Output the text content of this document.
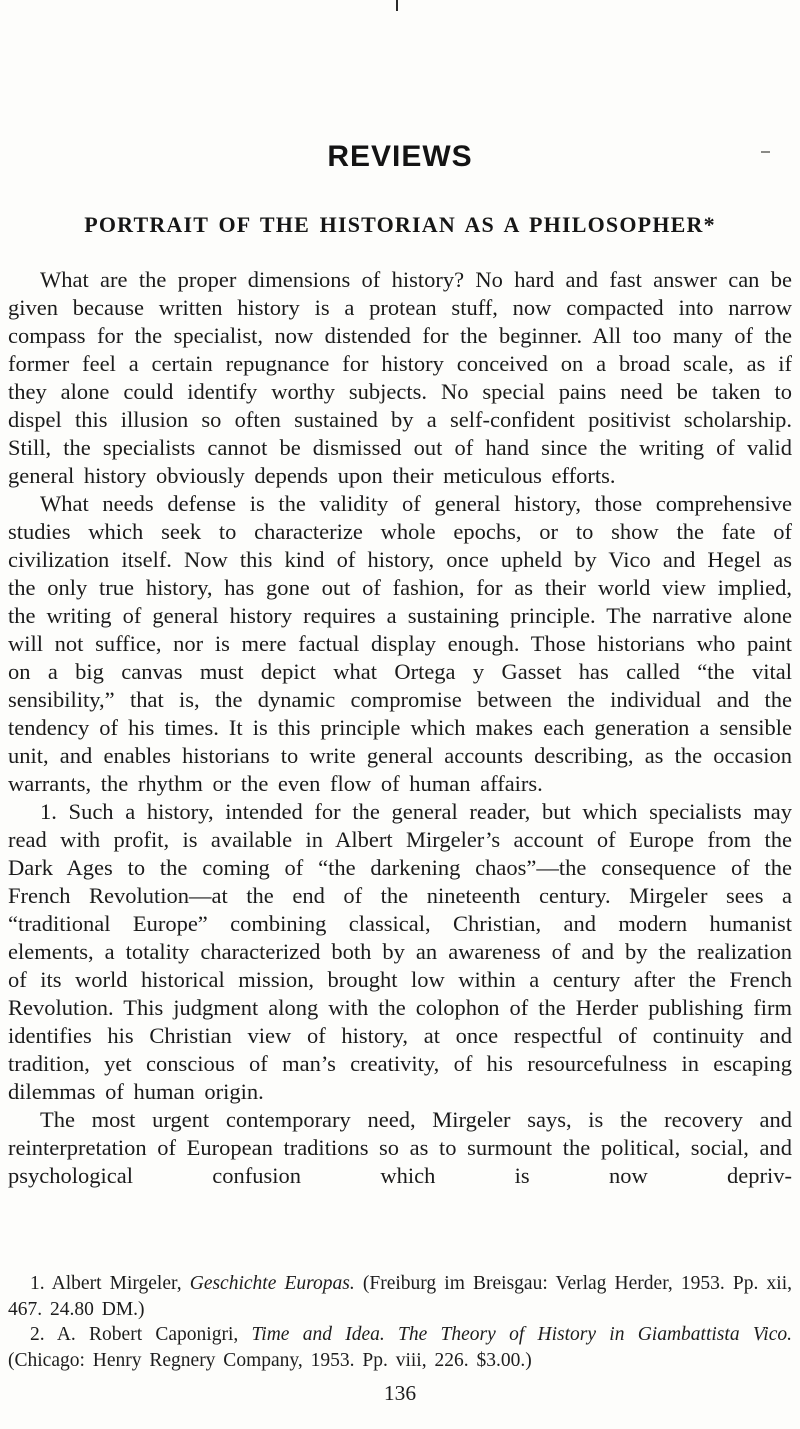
REVIEWS
PORTRAIT OF THE HISTORIAN AS A PHILOSOPHER*

What are the proper dimensions of history? No hard and fast answer can be given because written history is a protean stuff, now compacted into narrow compass for the specialist, now distended for the beginner. All too many of the former feel a certain repugnance for history conceived on a broad scale, as if they alone could identify worthy subjects. No special pains need be taken to dispel this illusion so often sustained by a self-confident positivist scholarship. Still, the specialists cannot be dismissed out of hand since the writing of valid general history obviously depends upon their meticulous efforts.

What needs defense is the validity of general history, those comprehensive studies which seek to characterize whole epochs, or to show the fate of civilization itself. Now this kind of history, once upheld by Vico and Hegel as the only true history, has gone out of fashion, for as their world view implied, the writing of general history requires a sustaining principle. The narrative alone will not suffice, nor is mere factual display enough. Those historians who paint on a big canvas must depict what Ortega y Gasset has called “the vital sensibility,” that is, the dynamic compromise between the individual and the tendency of his times. It is this principle which makes each generation a sensible unit, and enables historians to write general accounts describing, as the occasion warrants, the rhythm or the even flow of human affairs.

1. Such a history, intended for the general reader, but which specialists may read with profit, is available in Albert Mirgeler’s account of Europe from the Dark Ages to the coming of “the darkening chaos”—the consequence of the French Revolution—at the end of the nineteenth century. Mirgeler sees a “traditional Europe” combining classical, Christian, and modern humanist elements, a totality characterized both by an awareness of and by the realization of its world historical mission, brought low within a century after the French Revolution. This judgment along with the colophon of the Herder publishing firm identifies his Christian view of history, at once respectful of continuity and tradition, yet conscious of man’s creativity, of his resourcefulness in escaping dilemmas of human origin.

The most urgent contemporary need, Mirgeler says, is the recovery and reinterpretation of European traditions so as to surmount the political, social, and psychological confusion which is now depriv-

1. Albert Mirgeler, Geschichte Europas. (Freiburg im Breisgau: Verlag Herder, 1953. Pp. xii, 467. 24.80 DM.)

2. A. Robert Caponigri, Time and Idea. The Theory of History in Giambattista Vico. (Chicago: Henry Regnery Company, 1953. Pp. viii, 226. $3.00.)

136
